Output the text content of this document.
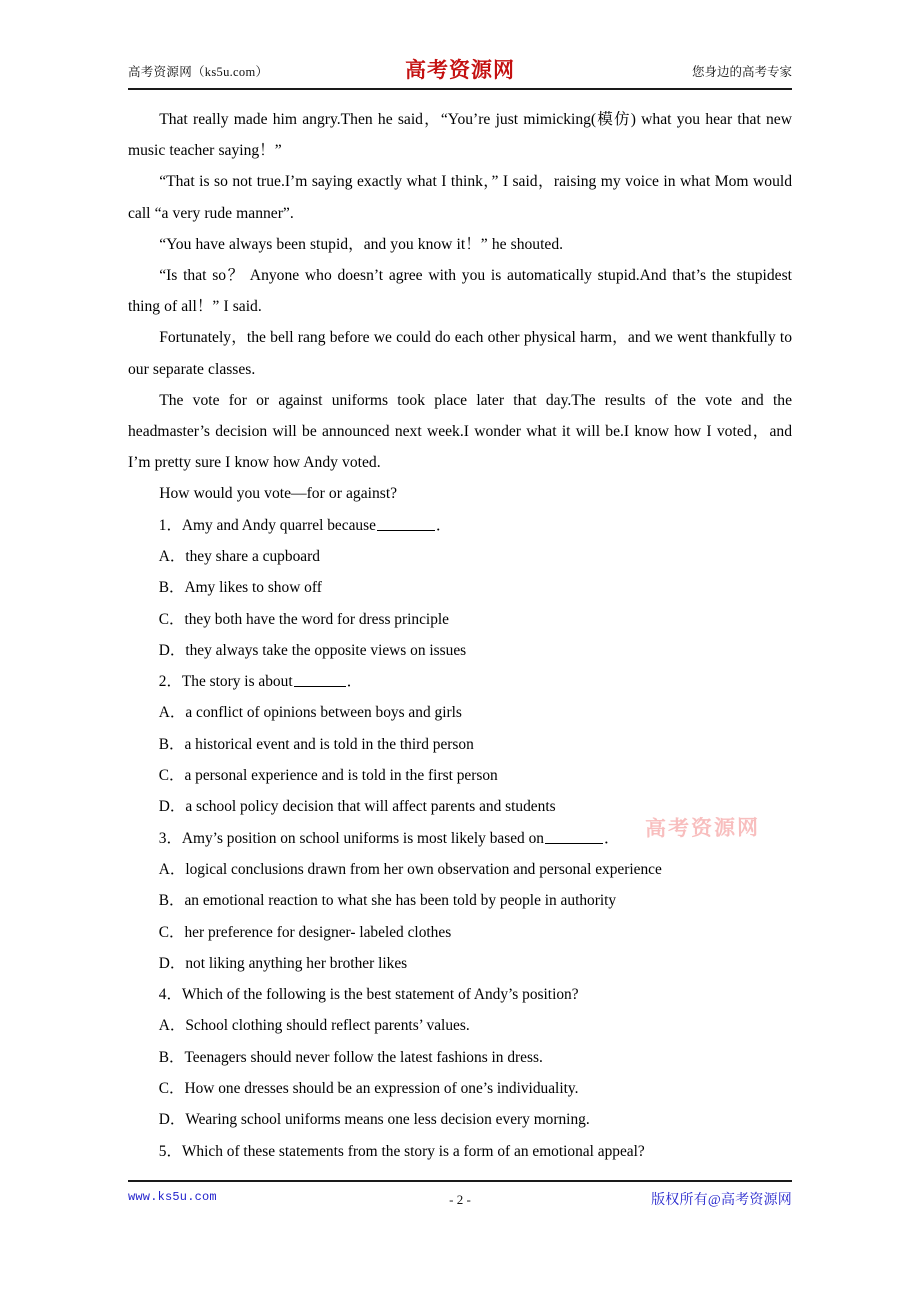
高考资源网（ks5u.com）	高考资源网	您身边的高考专家

That really made him angry.Then he said，“You’re just mimicking(模仿) what you hear that new music teacher saying！”

“That is so not true.I’m saying exactly what I think，” I said，raising my voice in what Mom would call “a very rude manner”.

“You have always been stupid，and you know it！” he shouted.

“Is that so？ Anyone who doesn’t agree with you is automatically stupid.And that’s the stupidest thing of all！” I said.

Fortunately，the bell rang before we could do each other physical harm，and we went thankfully to our separate classes.

The vote for or against uniforms took place later that day.The results of the vote and the headmaster’s decision will be announced next week.I wonder what it will be.I know how I voted，and I’m pretty sure I know how Andy voted.

How would you vote—for or against?

1．Amy and Andy quarrel because	．

A．they share a cupboard

B．Amy likes to show off

C．they both have the word for dress principle

D．they always take the opposite views on issues

2．The story is about	．

A．a conflict of opinions between boys and girls

B．a historical event and is told in the third person

C．a personal experience and is told in the first person

D．a school policy decision that will affect parents and students

3．Amy’s position on school uniforms is most likely based on	．

A．logical conclusions drawn from her own observation and personal experience

B．an emotional reaction to what she has been told by people in authority

C．her preference for designer- labeled clothes

D．not liking anything her brother likes

4．Which of the following is the best statement of Andy’s position?

A．School clothing should reflect parents’ values.

B．Teenagers should never follow the latest fashions in dress.

C．How one dresses should be an expression of one’s individuality.

D．Wearing school uniforms means one less decision every morning.

5．Which of these statements from the story is a form of an emotional appeal?

高考资源网
www.ks5u.com	- 2 -	版权所有@高考资源网
